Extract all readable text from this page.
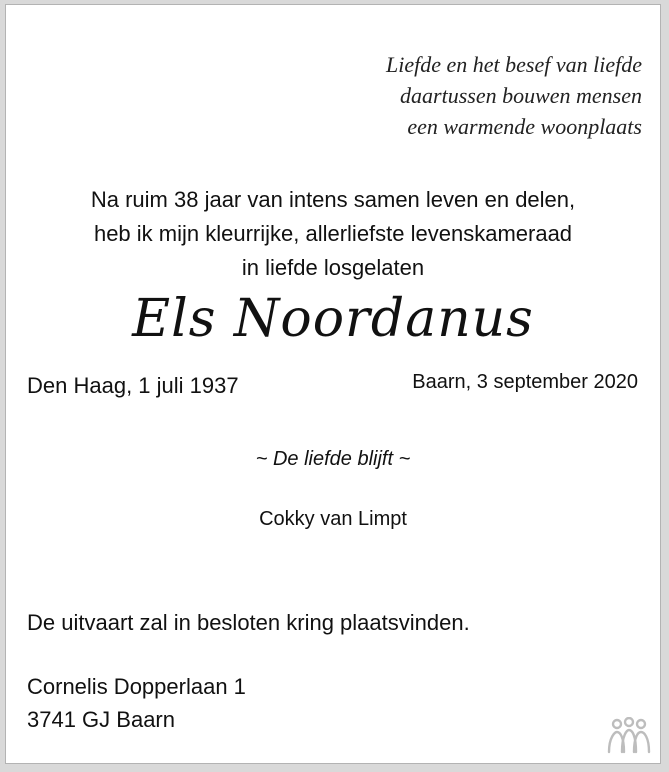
Liefde en het besef van liefde
daartussen bouwen mensen
een warmende woonplaats
Na ruim 38 jaar van intens samen leven en delen,
heb ik mijn kleurrijke, allerliefste levenskameraad
in liefde losgelaten
Els Noordanus
Den Haag, 1 juli 1937	Baarn, 3 september 2020
~ De liefde blijft ~
Cokky van Limpt
De uitvaart zal in besloten kring plaatsvinden.
Cornelis Dopperlaan 1
3741 GJ Baarn
